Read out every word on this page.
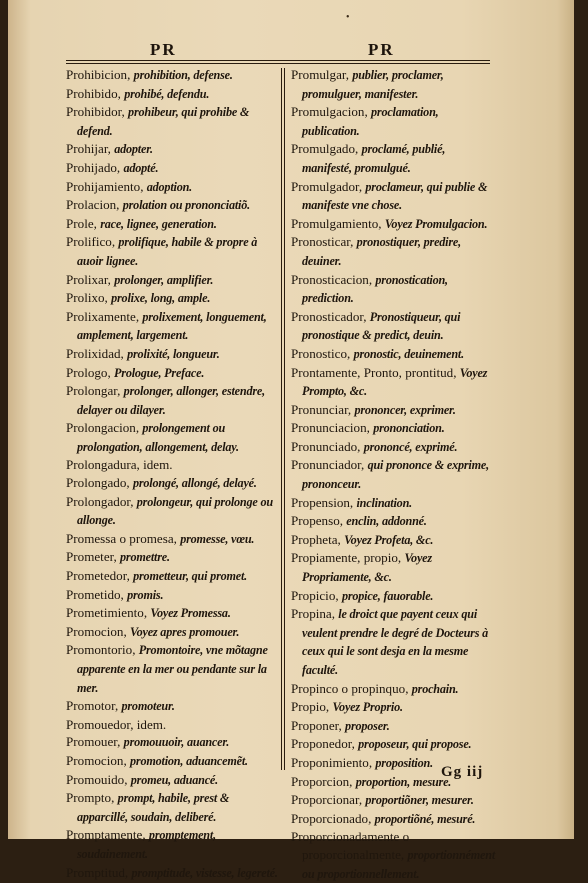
•
PR	PR
Prohibicion, prohibition, defense.
Prohibido, prohibé, defendu.
Prohibidor, prohibeur, qui prohibe & defend.
Prohijar, adopter.
Prohijado, adopté.
Prohijamiento, adoption.
Prolacion, prolation ou prononciatiõ.
Prole, race, lignee, generation.
Prolifico, prolifique, habile & propre à auoir lignee.
Prolixar, prolonger, amplifier.
Prolixo, prolixe, long, ample.
Prolixamente, prolixement, longuement, amplement, largement.
Prolixidad, prolixité, longueur.
Prologo, Prologue, Preface.
Prolongar, prolonger, allonger, estendre, delayer ou dilayer.
Prolongacion, prolongement ou prolongation, allongement, delay.
Prolongadura, idem.
Prolongado, prolongé, allongé, delayé.
Prolongador, prolongeur, qui prolonge ou allonge.
Promessa o promesa, promesse, vœu.
Prometer, promettre.
Prometedor, prometteur, qui promet.
Prometido, promis.
Prometimiento, Voyez Promessa.
Promocion, Voyez apres promouer.
Promontorio, Promontoire, vne mõtagne apparente en la mer ou pendante sur la mer.
Promotor, promoteur.
Promouedor, idem.
Promouer, promouuoir, auancer.
Promocion, promotion, aduancemẽt.
Promouido, promeu, aduancé.
Prompto, prompt, habile, prest & apparcillé, soudain, deliberé.
Promptamente, promptement, soudainement.
Promptitud, promptitude, vistesse, legereté.
Promulgar, publier, proclamer, promulguer, manifester.
Promulgacion, proclamation, publication.
Promulgado, proclamé, publié, manifesté, promulgué.
Promulgador, proclameur, qui publie & manifeste vne chose.
Promulgamiento, Voyez Promulgacion.
Pronosticar, pronostiquer, predire, deuiner.
Pronosticacion, pronostication, prediction.
Pronosticador, Pronostiqueur, qui pronostique & predict, deuin.
Pronostico, pronostic, deuinement.
Prontamente, Pronto, prontitud, Voyez Prompto, &c.
Pronunciar, prononcer, exprimer.
Pronunciacion, prononciation.
Pronunciado, prononcé, exprimé.
Pronunciador, qui prononce & exprime, prononceur.
Propension, inclination.
Propenso, enclin, addonné.
Propheta, Voyez Profeta, &c.
Propiamente, propio, Voyez Propriamente, &c.
Propicio, propice, fauorable.
Propina, le droict que payent ceux qui veulent prendre le degré de Docteurs à ceux qui le sont desja en la mesme faculté.
Propinco o propinquo, prochain.
Propio, Voyez Proprio.
Proponer, proposer.
Proponedor, proposeur, qui propose.
Proponimiento, proposition.
Proporcion, proportion, mesure.
Proporcionar, proportiõner, mesurer.
Proporcionado, proportiõné, mesuré.
Proporcionadamente o proporcionalmente, proportionnément ou proportionnellement.
Gg iij
